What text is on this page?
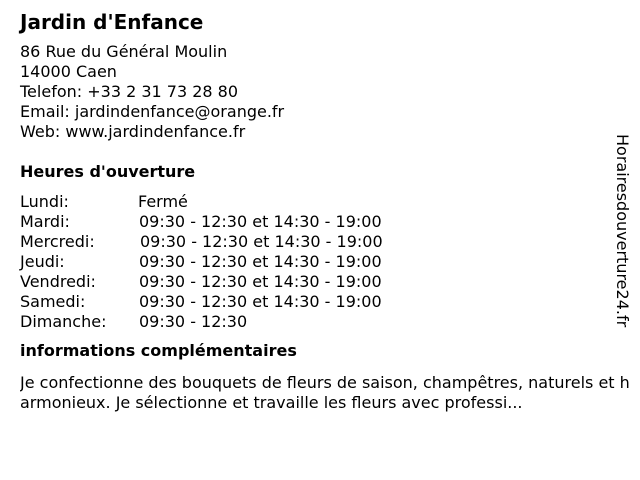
Jardin d'Enfance
86 Rue du Général Moulin
14000 Caen
Telefon: +33 2 31 73 28 80
Email: jardindenfance@orange.fr
Web: www.jardindenfance.fr
Heures d'ouverture
Lundi:	Fermé
Mardi:	09:30 - 12:30 et 14:30 - 19:00
Mercredi:	09:30 - 12:30 et 14:30 - 19:00
Jeudi:	09:30 - 12:30 et 14:30 - 19:00
Vendredi:	09:30 - 12:30 et 14:30 - 19:00
Samedi:	09:30 - 12:30 et 14:30 - 19:00
Dimanche: 09:30 - 12:30
informations complémentaires
Je confectionne des bouquets de fleurs de saison, champêtres, naturels et harmonieux. Je sélectionne et travaille les fleurs avec professi...
Horairesdouverture24.fr
